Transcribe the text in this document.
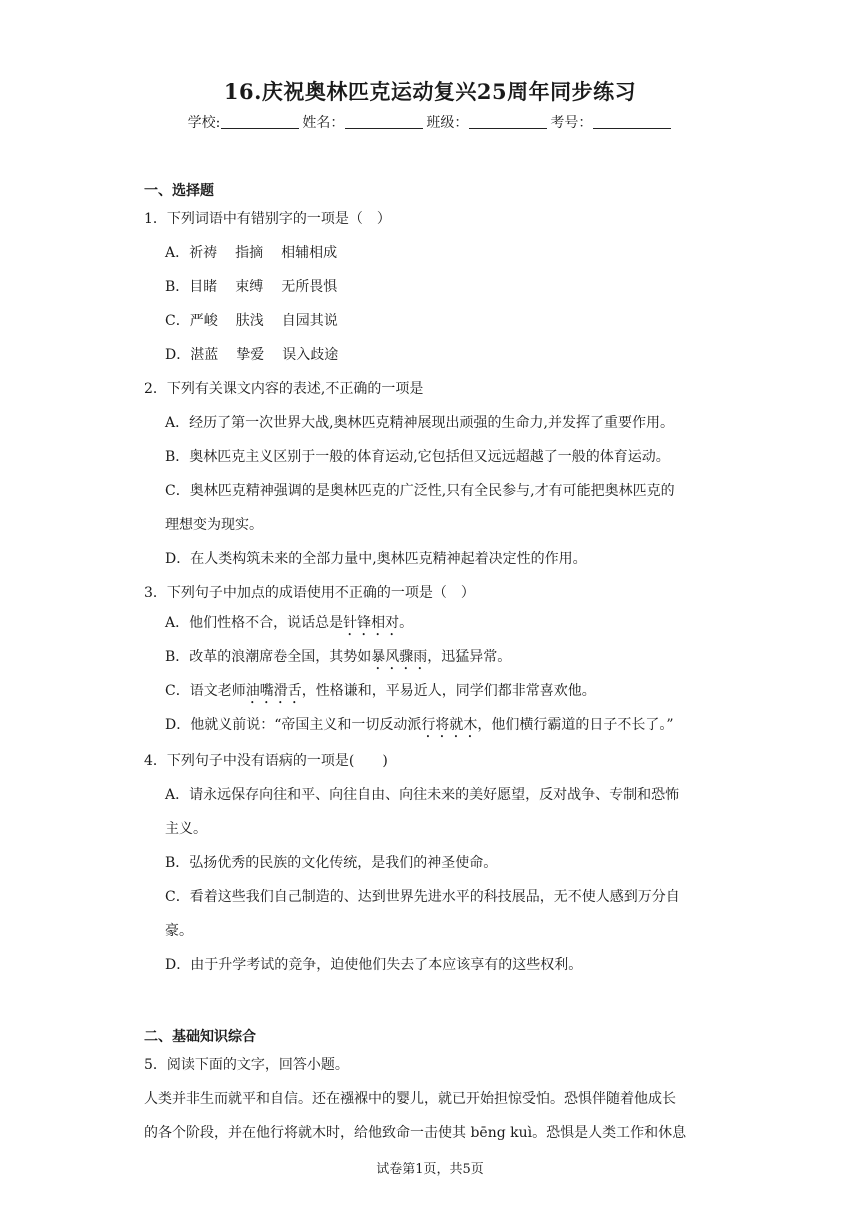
16.庆祝奥林匹克运动复兴25周年同步练习
学校:	姓名：	班级：	考号：
一、选择题
1．下列词语中有错别字的一项是（　）
A．祈祷 指摘 相辅相成
B．目睹 束缚 无所畏惧
C．严峻 肤浅 自园其说
D．湛蓝 挚爱 误入歧途
2．下列有关课文内容的表述,不正确的一项是
A．经历了第一次世界大战,奥林匹克精神展现出顽强的生命力,并发挥了重要作用。
B．奥林匹克主义区别于一般的体育运动,它包括但又远远超越了一般的体育运动。
C．奥林匹克精神强调的是奥林匹克的广泛性,只有全民参与,才有可能把奥林匹克的
理想变为现实。
D．在人类构筑未来的全部力量中,奥林匹克精神起着决定性的作用。
3．下列句子中加点的成语使用不正确的一项是（　）
A．他们性格不合，说话总是针锋相对。
B．改革的浪潮席卷全国，其势如暴风骤雨，迅猛异常。
C．语文老师油嘴滑舌，性格谦和，平易近人，同学们都非常喜欢他。
D．他就义前说：“帝国主义和一切反动派行将就木，他们横行霸道的日子不长了。”
4．下列句子中没有语病的一项是(　　)
A．请永远保存向往和平、向往自由、向往未来的美好愿望，反对战争、专制和恐怖
主义。
B．弘扬优秀的民族的文化传统，是我们的神圣使命。
C．看着这些我们自己制造的、达到世界先进水平的科技展品，无不使人感到万分自
豪。
D．由于升学考试的竞争，迫使他们失去了本应该享有的这些权利。
二、基础知识综合
5．阅读下面的文字，回答小题。
人类并非生而就平和自信。还在襁褓中的婴儿，就已开始担惊受怕。恐惧伴随着他成长
的各个阶段，并在他行将就木时，给他致命一击使其 bēng kuì。恐惧是人类工作和休息
试卷第1页，共5页
